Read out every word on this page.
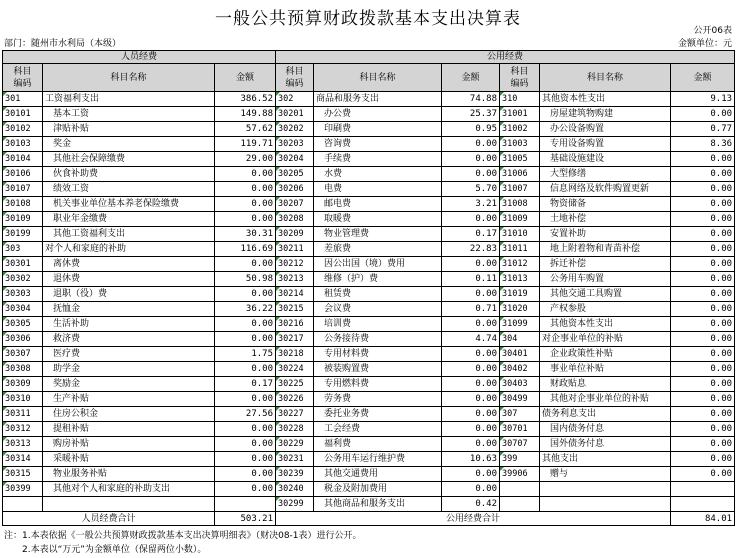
一般公共预算财政拨款基本支出决算表
公开06表
部门：随州市水利局（本级）	金额单位：元
人员经费			公用经费					
科目
编码	科目名称	金额	科目
编码	科目名称	金额	科目
编码	科目名称	金额
301	工资福利支出	386.52	302	商品和服务支出	74.88	310	其他资本性支出	9.13
30101	基本工资	149.88	30201	办公费	25.37	31001	房屋建筑物购建	0.00
30102	津贴补贴	57.62	30202	印刷费	0.95	31002	办公设备购置	0.77
30103	奖金	119.71	30203	咨询费	0.00	31003	专用设备购置	8.36
30104	其他社会保障缴费	29.00	30204	手续费	0.00	31005	基础设施建设	0.00
30106	伙食补助费	0.00	30205	水费	0.00	31006	大型修缮	0.00
30107	绩效工资	0.00	30206	电费	5.70	31007	信息网络及软件购置更新	0.00
30108	机关事业单位基本养老保险缴费	0.00	30207	邮电费	3.21	31008	物资储备	0.00
30109	职业年金缴费	0.00	30208	取暖费	0.00	31009	土地补偿	0.00
30199	其他工资福利支出	30.31	30209	物业管理费	0.17	31010	安置补助	0.00
303	对个人和家庭的补助	116.69	30211	差旅费	22.83	31011	地上附着物和青苗补偿	0.00
30301	离休费	0.00	30212	因公出国（境）费用	0.00	31012	拆迁补偿	0.00
30302	退休费	50.98	30213	维修（护）费	0.11	31013	公务用车购置	0.00
30303	退职（役）费	0.00	30214	租赁费	0.00	31019	其他交通工具购置	0.00
30304	抚恤金	36.22	30215	会议费	0.71	31020	产权参股	0.00
30305	生活补助	0.00	30216	培训费	0.00	31099	其他资本性支出	0.00
30306	救济费	0.00	30217	公务接待费	4.74	304	对企事业单位的补贴	0.00
30307	医疗费	1.75	30218	专用材料费	0.00	30401	企业政策性补贴	0.00
30308	助学金	0.00	30224	被装购置费	0.00	30402	事业单位补贴	0.00
30309	奖励金	0.17	30225	专用燃料费	0.00	30403	财政贴息	0.00
30310	生产补贴	0.00	30226	劳务费	0.00	30499	其他对企事业单位的补贴	0.00
30311	住房公积金	27.56	30227	委托业务费	0.00	307	债务利息支出	0.00
30312	提租补贴	0.00	30228	工会经费	0.00	30701	国内债务付息	0.00
30313	购房补贴	0.00	30229	福利费	0.00	30707	国外债务付息	0.00
30314	采暖补贴	0.00	30231	公务用车运行维护费	10.63	399	其他支出	0.00
30315	物业服务补贴	0.00	30239	其他交通费用	0.00	39906	赠与	0.00
30399	其他对个人和家庭的补助支出	0.00	30240	税金及附加费用	0.00			
			30299	其他商品和服务支出	0.42			
人员经费合计		503.21	公用经费合计					84.01
注：1.本表依据《一般公共预算财政拨款基本支出决算明细表》（财决08-1表）进行公开。
　　2.本表以“万元”为金额单位（保留两位小数）。
